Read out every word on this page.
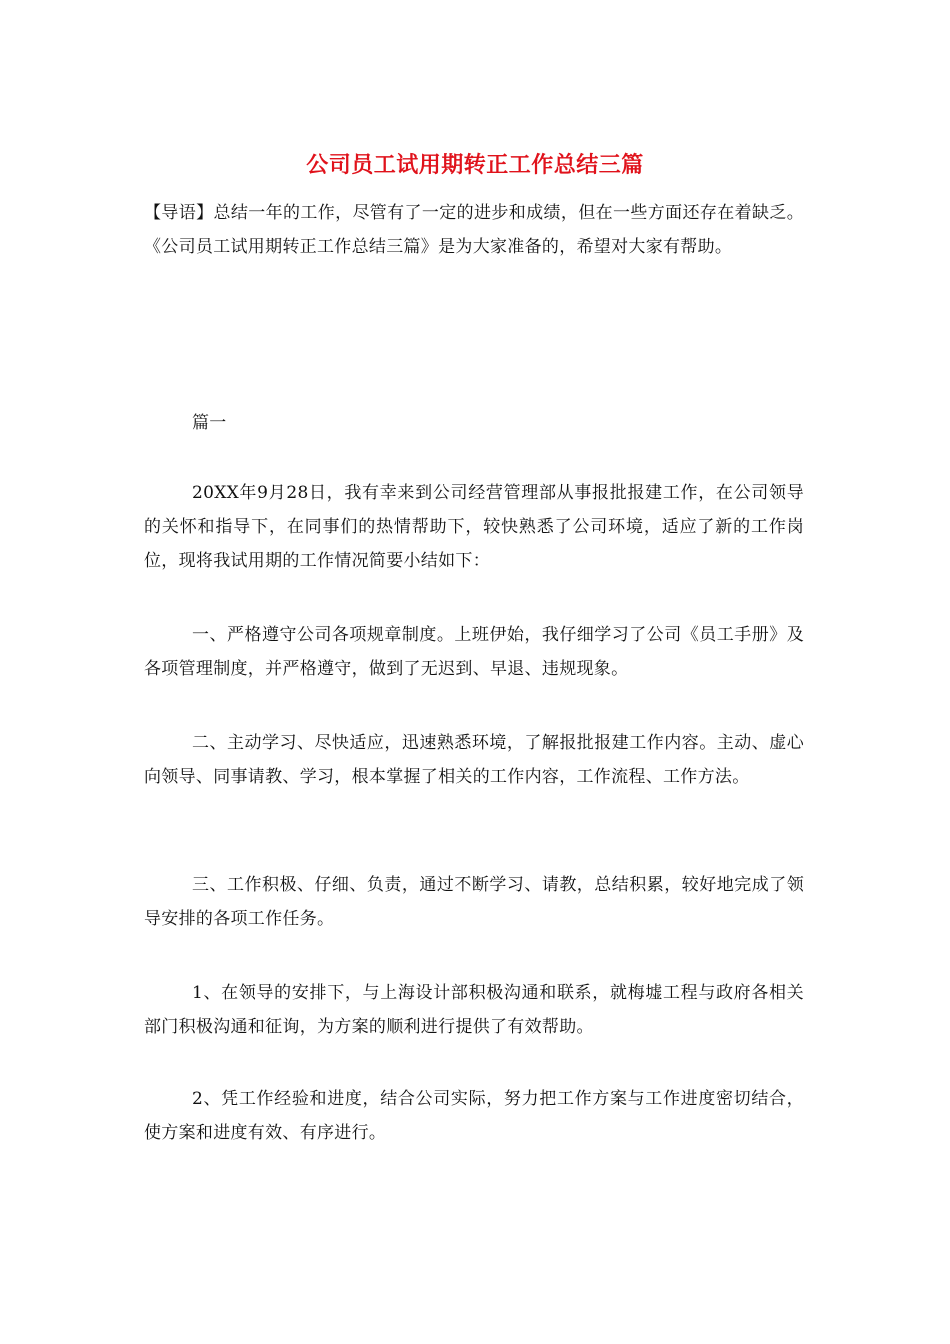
公司员工试用期转正工作总结三篇
【导语】总结一年的工作，尽管有了一定的进步和成绩，但在一些方面还存在着缺乏。《公司员工试用期转正工作总结三篇》是为大家准备的，希望对大家有帮助。
篇一
20XX年9月28日，我有幸来到公司经营管理部从事报批报建工作，在公司领导的关怀和指导下，在同事们的热情帮助下，较快熟悉了公司环境，适应了新的工作岗位，现将我试用期的工作情况简要小结如下：
一、严格遵守公司各项规章制度。上班伊始，我仔细学习了公司《员工手册》及各项管理制度，并严格遵守，做到了无迟到、早退、违规现象。
二、主动学习、尽快适应，迅速熟悉环境，了解报批报建工作内容。主动、虚心向领导、同事请教、学习，根本掌握了相关的工作内容，工作流程、工作方法。
三、工作积极、仔细、负责，通过不断学习、请教，总结积累，较好地完成了领导安排的各项工作任务。
1、在领导的安排下，与上海设计部积极沟通和联系，就梅墟工程与政府各相关部门积极沟通和征询，为方案的顺利进行提供了有效帮助。
2、凭工作经验和进度，结合公司实际，努力把工作方案与工作进度密切结合，使方案和进度有效、有序进行。
